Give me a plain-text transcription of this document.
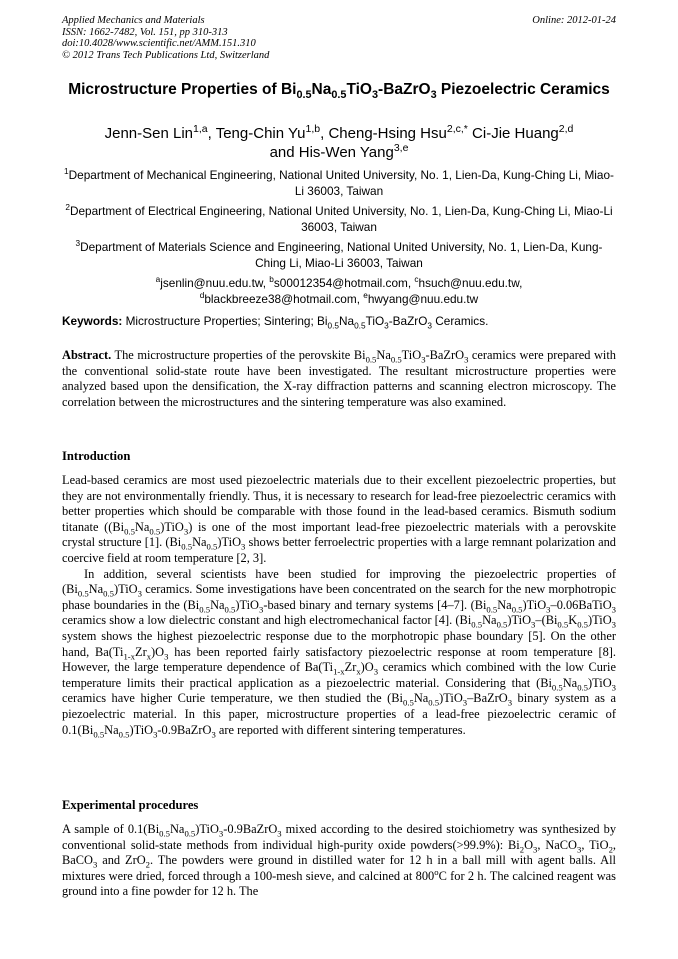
Applied Mechanics and Materials
ISSN: 1662-7482, Vol. 151, pp 310-313
doi:10.4028/www.scientific.net/AMM.151.310
© 2012 Trans Tech Publications Ltd, Switzerland
Online: 2012-01-24
Microstructure Properties of $Bi_{0.5}Na_{0.5}TiO_3-BaZrO_3$ Piezoelectric Ceramics
Jenn-Sen Lin$^{1,a}$, Teng-Chin Yu$^{1,b}$, Cheng-Hsing Hsu$^{2,c,*}$ Ci-Jie Huang$^{2,d}$
and His-Wen Yang$^{3,e}$
$^1$Department of Mechanical Engineering, National United University, No. 1, Lien-Da, Kung-Ching Li, Miao-Li 36003, Taiwan
$^2$Department of Electrical Engineering, National United University, No. 1, Lien-Da, Kung-Ching Li, Miao-Li 36003, Taiwan
$^3$Department of Materials Science and Engineering, National United University, No. 1, Lien-Da, Kung-Ching Li, Miao-Li 36003, Taiwan
$^a$jsenlin@nuu.edu.tw, $^b$s00012354@hotmail.com, $^c$hsuch@nuu.edu.tw,
$^d$blackbreeze38@hotmail.com, $^e$hwyang@nuu.edu.tw
Keywords: Microstructure Properties; Sintering; $Bi_{0.5}Na_{0.5}TiO_3-BaZrO_3$ Ceramics.

Abstract. The microstructure properties of the perovskite $Bi_{0.5}Na_{0.5}TiO_3-BaZrO_3$ ceramics were prepared with the conventional solid-state route have been investigated. The resultant microstructure properties were analyzed based upon the densification, the X-ray diffraction patterns and scanning electron microscopy. The correlation between the microstructures and the sintering temperature was also examined.

Introduction

Lead-based ceramics are most used piezoelectric materials due to their excellent piezoelectric properties, but they are not environmentally friendly. Thus, it is necessary to research for lead-free piezoelectric ceramics with better properties which should be comparable with those found in the lead-based ceramics. Bismuth sodium titanate $((Bi_{0.5}Na_{0.5})TiO_3)$ is one of the most important lead-free piezoelectric materials with a perovskite crystal structure [1]. $(Bi_{0.5}Na_{0.5})TiO_3$ shows better ferroelectric properties with a large remnant polarization and coercive field at room temperature [2, 3].

In addition, several scientists have been studied for improving the piezoelectric properties of $(Bi_{0.5}Na_{0.5})TiO_3$ ceramics. Some investigations have been concentrated on the search for the new morphotropic phase boundaries in the $(Bi_{0.5}Na_{0.5})TiO_3$-based binary and ternary systems [4–7]. $(Bi_{0.5}Na_{0.5})TiO_3-0.06BaTiO_3$ ceramics show a low dielectric constant and high electromechanical factor [4]. $(Bi_{0.5}Na_{0.5})TiO_3-(Bi_{0.5}K_{0.5})TiO_3$ system shows the highest piezoelectric response due to the morphotropic phase boundary [5]. On the other hand, $Ba(Ti_{1-x}Zr_x)O_3$ has been reported fairly satisfactory piezoelectric response at room temperature [8]. However, the large temperature dependence of $Ba(Ti_{1-x}Zr_x)O_3$ ceramics which combined with the low Curie temperature limits their practical application as a piezoelectric material. Considering that $(Bi_{0.5}Na_{0.5})TiO_3$ ceramics have higher Curie temperature, we then studied the $(Bi_{0.5}Na_{0.5})TiO_3-BaZrO_3$ binary system as a piezoelectric material. In this paper, microstructure properties of a lead-free piezoelectric ceramic of $0.1(Bi_{0.5}Na_{0.5})TiO_3-0.9BaZrO_3$ are reported with different sintering temperatures.

Experimental procedures

A sample of $0.1(Bi_{0.5}Na_{0.5})TiO_3-0.9BaZrO_3$ mixed according to the desired stoichiometry was synthesized by conventional solid-state methods from individual high-purity oxide powders(>99.9%): $Bi_2O_3$, NaCO$_3$, TiO$_2$, BaCO$_3$ and ZrO$_2$. The powders were ground in distilled water for 12 h in a ball mill with agent balls. All mixtures were dried, forced through a 100-mesh sieve, and calcined at 800$^o$C for 2 h. The calcined reagent was ground into a fine powder for 12 h. The
